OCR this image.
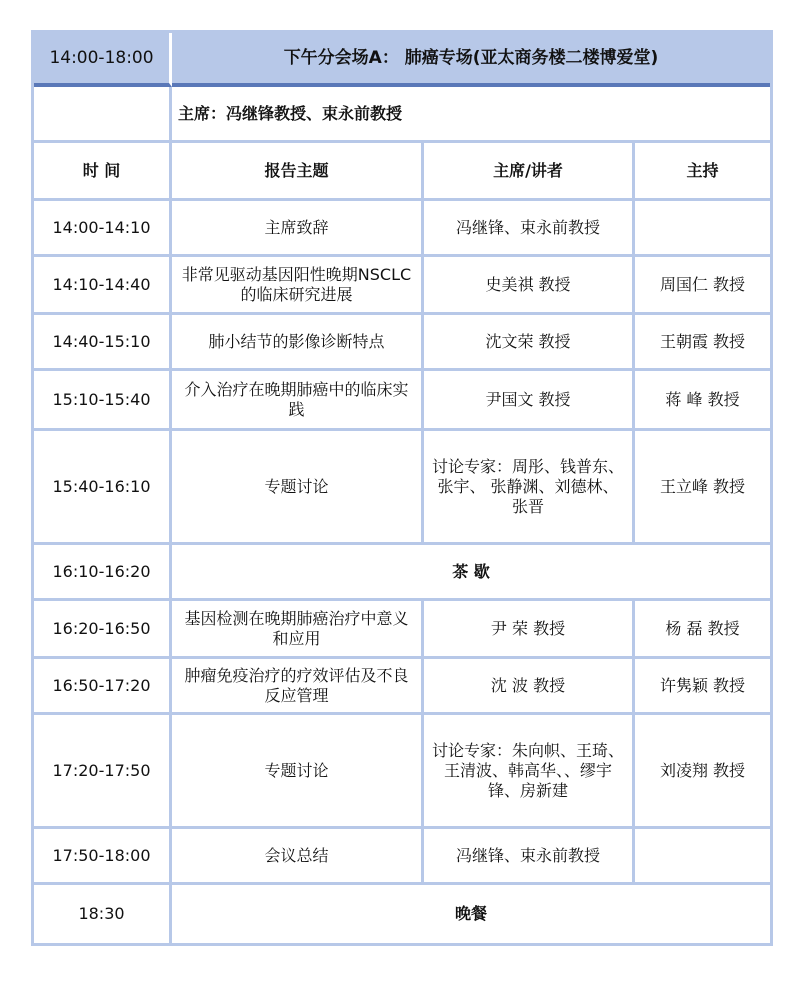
14:00-18:00	下午分会场A： 肺癌专场(亚太商务楼二楼博爱堂)		
	主席：冯继锋教授、束永前教授		
时 间	报告主题	主席/讲者	主持
14:00-14:10	主席致辞	冯继锋、束永前教授	
14:10-14:40	非常见驱动基因阳性晚期NSCLC的临床研究进展	史美祺 教授	周国仁 教授
14:40-15:10	肺小结节的影像诊断特点	沈文荣 教授	王朝霞 教授
15:10-15:40	介入治疗在晚期肺癌中的临床实践	尹国文 教授	蒋 峰 教授
15:40-16:10	专题讨论	讨论专家：周彤、钱普东、张宇、 张静渊、刘德林、张晋	王立峰 教授
16:10-16:20	茶 歇		
16:20-16:50	基因检测在晚期肺癌治疗中意义和应用	尹 荣 教授	杨 磊 教授
16:50-17:20	肿瘤免疫治疗的疗效评估及不良反应管理	沈 波 教授	许隽颖 教授
17:20-17:50	专题讨论	讨论专家：朱向帜、王琦、王清波、韩高华、、缪宇锋、房新建	刘凌翔 教授
17:50-18:00	会议总结	冯继锋、束永前教授	
18:30	晚餐		
